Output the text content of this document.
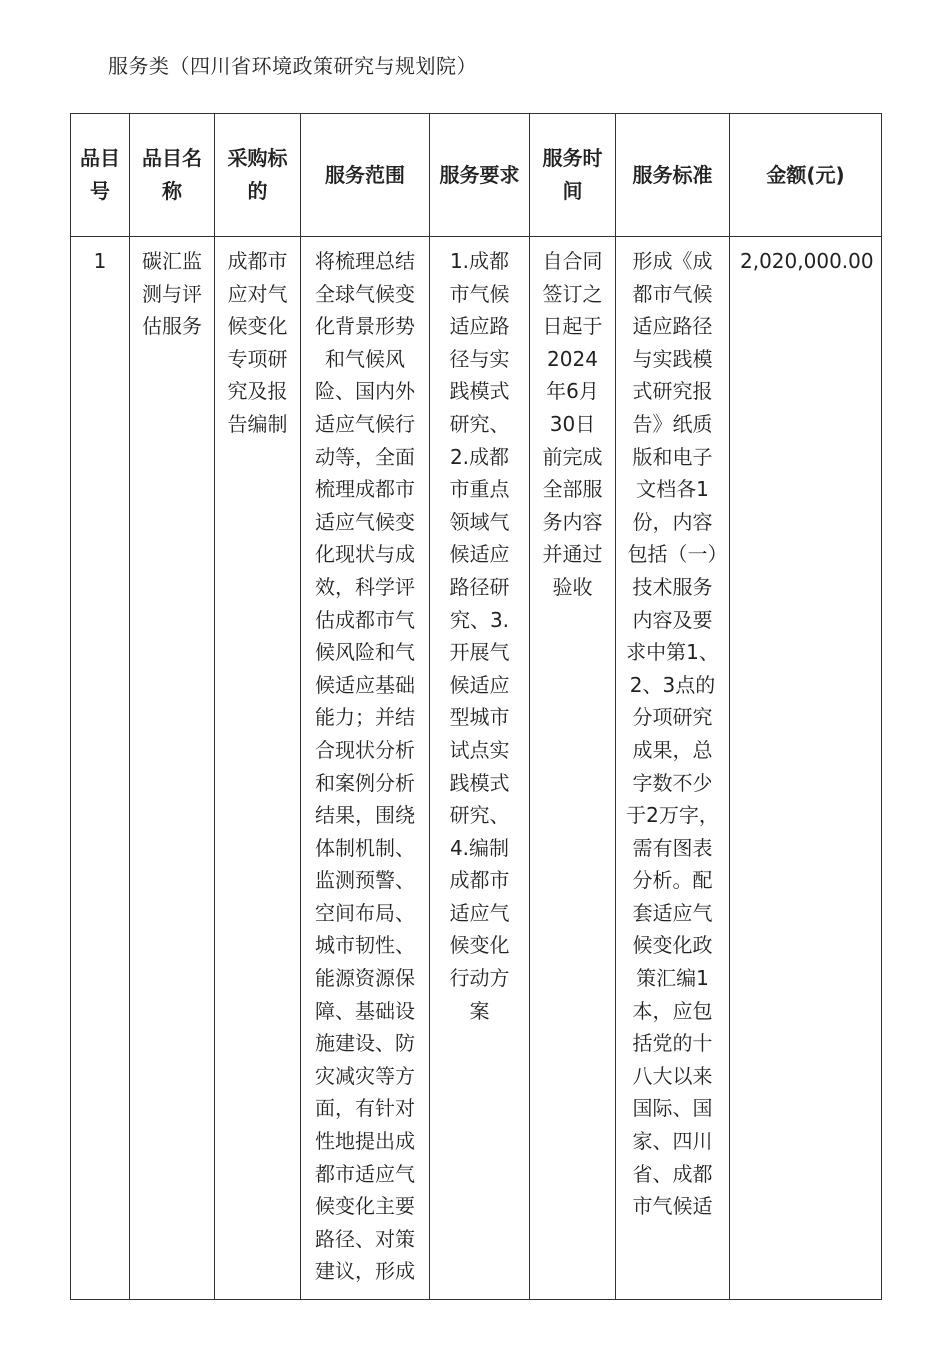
服务类（四川省环境政策研究与规划院）
品目号	品目名称	采购标的	服务范围	服务要求	服务时间	服务标准	金额(元)
1	碳汇监测与评估服务	成都市应对气候变化专项研究及报告编制	将梳理总结全球气候变化背景形势和气候风险、国内外适应气候行动等，全面梳理成都市适应气候变化现状与成效，科学评估成都市气候风险和气候适应基础能力；并结合现状分析和案例分析结果，围绕体制机制、监测预警、空间布局、城市韧性、能源资源保障、基础设施建设、防灾减灾等方面，有针对性地提出成都市适应气候变化主要路径、对策建议，形成	1.成都市气候适应路径与实践模式研究、2.成都市重点领域气候适应路径研究、3.开展气候适应型城市试点实践模式研究、4.编制成都市适应气候变化行动方案	自合同签订之日起于2024年6月30日前完成全部服务内容并通过验收	形成《成都市气候适应路径与实践模式研究报告》纸质版和电子文档各1份，内容包括（一）技术服务内容及要求中第1、2、3点的分项研究成果，总字数不少于2万字，需有图表分析。配套适应气候变化政策汇编1本，应包括党的十八大以来国际、国家、四川省、成都市气候适	2,020,000.00
